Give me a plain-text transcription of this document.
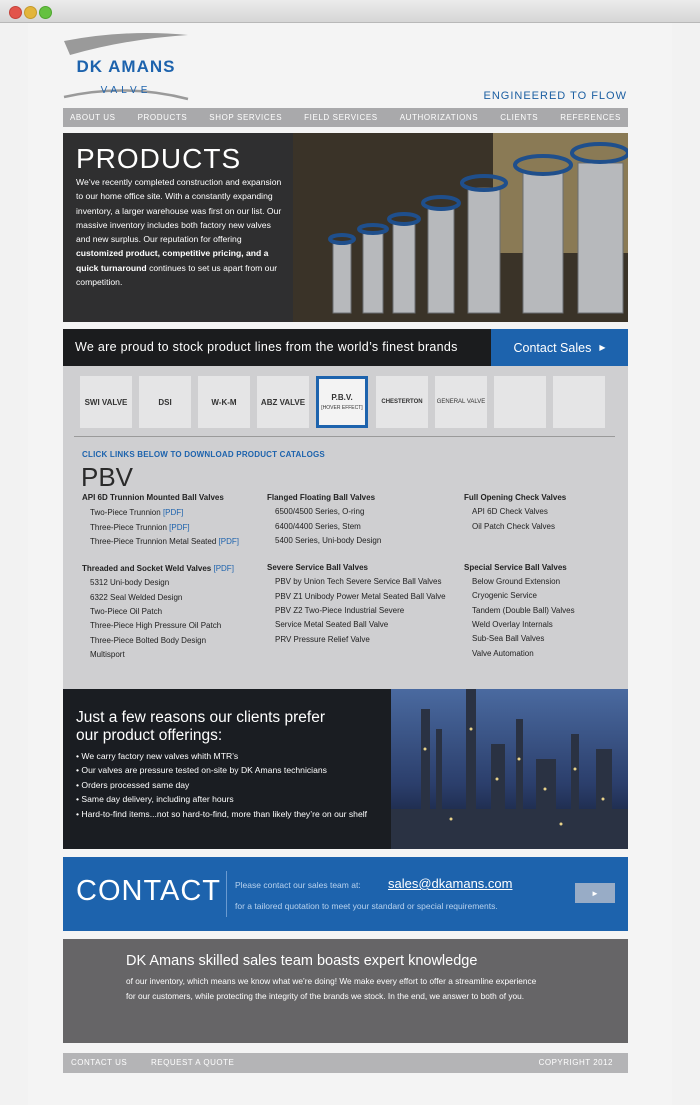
DK AMANS
VALVE	ENGINEERED TO FLOW
ABOUT US	PRODUCTS	SHOP SERVICES	FIELD SERVICES	AUTHORIZATIONS	CLIENTS	REFERENCES
PRODUCTS
We’ve recently completed construction and expansion to our home office site. With a constantly expanding inventory, a larger warehouse was first on our list. Our massive inventory includes both factory new valves and new surplus. Our reputation for offering customized product, competitive pricing, and a quick turnaround continues to set us apart from our competition.
We are proud to stock product lines from the world’s finest brands	Contact Sales ▶
SWI VALVE	DSI	W-K-M	ABZ VALVE	P.B.V.
[HOVER EFFECT]
CHESTERTON GENERAL VALVE
CLICK LINKS BELOW TO DOWNLOAD PRODUCT CATALOGS
PBV
API 6D Trunnion Mounted Ball Valves
Two-Piece Trunnion [PDF]
Three-Piece Trunnion [PDF]
Three-Piece Trunnion Metal Seated [PDF]
Threaded and Socket Weld Valves [PDF]
5312 Uni-body Design
6322 Seal Welded Design
Two-Piece Oil Patch
Three-Piece High Pressure Oil Patch
Three-Piece Bolted Body Design
Multisport
Flanged Floating Ball Valves
6500/4500 Series, O-ring
6400/4400 Series, Stem
5400 Series, Uni-body Design
Severe Service Ball Valves
PBV by Union Tech Severe Service Ball Valves
PBV Z1 Unibody Power Metal Seated Ball Valve
PBV Z2 Two-Piece Industrial Severe
Service Metal Seated Ball Valve
PRV Pressure Relief Valve
Full Opening Check Valves
API 6D Check Valves
Oil Patch Check Valves
Special Service Ball Valves
Below Ground Extension
Cryogenic Service
Tandem (Double Ball) Valves
Weld Overlay Internals
Sub-Sea Ball Valves
Valve Automation
Just a few reasons our clients prefer
our product offerings:
• We carry factory new valves whith MTR’s
• Our valves are pressure tested on-site by DK Amans technicians
• Orders processed same day
• Same day delivery, including after hours
• Hard-to-find items...not so hard-to-find, more than likely they’re on our shelf
CONTACT Please contact our sales team at: sales@dkamans.com
for a tailored quotation to meet your standard or special requirements.
►
DK Amans skilled sales team boasts expert knowledge
of our inventory, which means we know what we’re doing! We make every effort to offer a streamline experience for our customers, while protecting the integrity of the brands we stock. In the end, we answer to both of you.
CONTACT US	REQUEST A QUOTE	COPYRIGHT 2012
